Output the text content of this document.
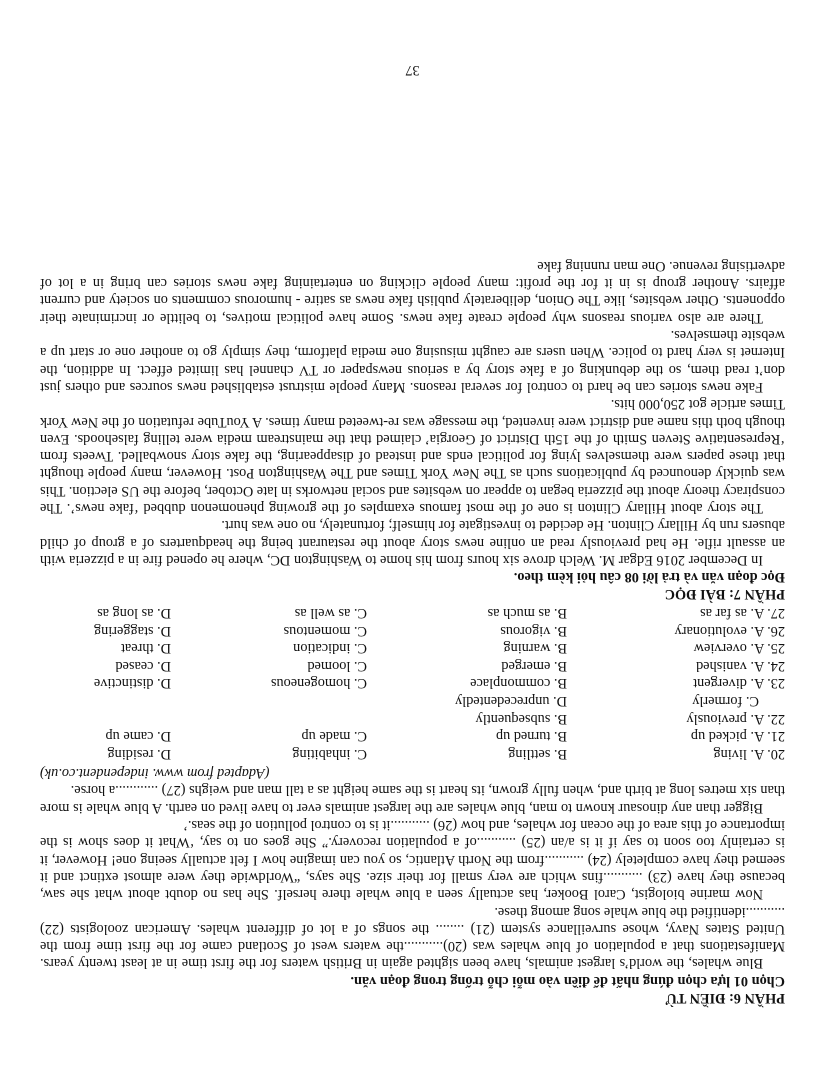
PHẦN 6: ĐIỀN TỪ
Chọn 01 lựa chọn đúng nhất để điền vào mỗi chỗ trống trong đoạn văn.

Blue whales, the world’s largest animals, have been sighted again in British waters for the first time in at least twenty years. Manifestations that a population of blue whales was (20)...........the waters west of Scotland came for the first time from the United States Navy, whose surveillance system (21) ........ the songs of a lot of different whales. American zoologists (22) ...........identified the blue whale song among these.

Now marine biologist, Carol Booker, has actually seen a blue whale there herself. She has no doubt about what she saw, because they have (23) ...........fins which are very small for their size. She says, “Worldwide they were almost extinct and it seemed they have completely (24) ...........from the North Atlantic, so you can imagine how I felt actually seeing one! However, it is certainly too soon to say if it is a/an (25) ...........of a population recovery.” She goes on to say, ‘What it does show is the importance of this area of the ocean for whales, and how (26) ...........it is to control pollution of the seas.’

Bigger than any dinosaur known to man, blue whales are the largest animals ever to have lived on earth. A blue whale is more than six metres long at birth and, when fully grown, its heart is the same height as a tall man and weighs (27) ............a horse.

(Adapted from www. independent.co.uk)
20. A. living	B. settling	C. inhabiting	D. residing
21. A. picked up	B. turned up	C. made up	D. came up
22. A. previously	B. subsequently		
C. formerly	D. unprecedentedly		
23. A. divergent	B. commonplace	C. homogeneous	D. distinctive
24. A. vanished	B. emerged	C. loomed	D. ceased
25. A. overview	B. warning	C. indication	D. threat
26. A. evolutionary	B. vigorous	C. momentous	D. staggering
27. A. as far as	B. as much as	C. as well as	D. as long as
PHẦN 7: BÀI ĐỌC
Đọc đoạn văn và trả lời 08 câu hỏi kèm theo.

In December 2016 Edgar M. Welch drove six hours from his home to Washington DC, where he opened fire in a pizzeria with an assault rifle. He had previously read an online news story about the restaurant being the headquarters of a group of child abusers run by Hillary Clinton. He decided to investigate for himself; fortunately, no one was hurt.

The story about Hillary Clinton is one of the most famous examples of the growing phenomenon dubbed ‘fake news’. The conspiracy theory about the pizzeria began to appear on websites and social networks in late October, before the US election. This was quickly denounced by publications such as The New York Times and The Washington Post. However, many people thought that these papers were themselves lying for political ends and instead of disappearing, the fake story snowballed. Tweets from ‘Representative Steven Smith of the 15th District of Georgia’ claimed that the mainstream media were telling falsehoods. Even though both this name and district were invented, the message was re-tweeted many times. A YouTube refutation of the New York Times article got 250,000 hits.

Fake news stories can be hard to control for several reasons. Many people mistrust established news sources and others just don’t read them, so the debunking of a fake story by a serious newspaper or TV channel has limited effect. In addition, the Internet is very hard to police. When users are caught misusing one media platform, they simply go to another one or start up a website themselves.

There are also various reasons why people create fake news. Some have political motives, to belittle or incriminate their opponents. Other websites, like The Onion, deliberately publish fake news as satire - humorous comments on society and current affairs. Another group is in it for the profit: many people clicking on entertaining fake news stories can bring in a lot of advertising revenue. One man running fake

37
